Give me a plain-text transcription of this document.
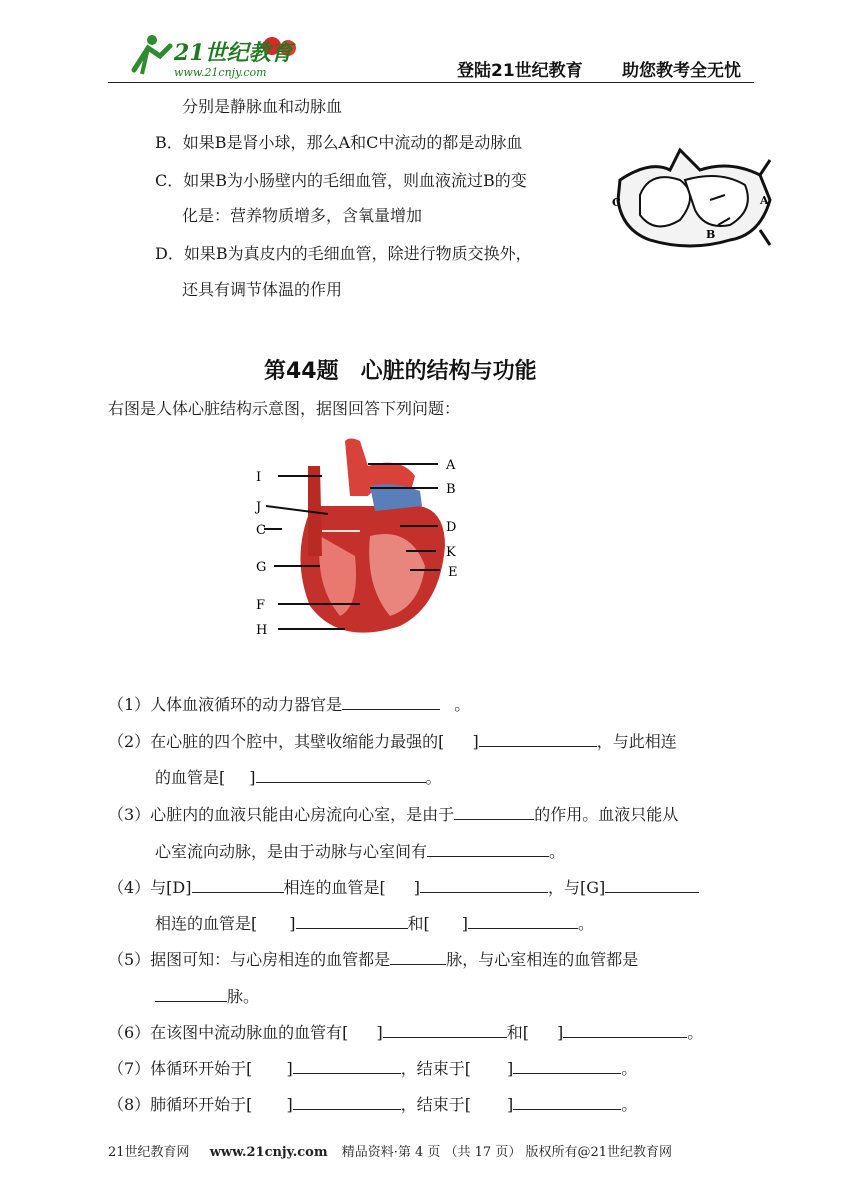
21世纪教育
www.21cnjy.com	登陆21世纪教育 助您教考全无忧
分别是静脉血和动脉血
B．如果B是肾小球，那么A和C中流动的都是动脉血
C．如果B为小肠壁内的毛细血管，则血液流过B的变
化是：营养物质增多，含氧量增加
D．如果B为真皮内的毛细血管，除进行物质交换外，
还具有调节体温的作用
C	A
B
第44题　心脏的结构与功能
右图是人体心脏结构示意图，据图回答下列问题：
I
J
C
G
F
H
A
B
D
K
E
（1）人体血液循环的动力器官是	。
（2）在心脏的四个腔中，其壁收缩能力最强的[ ]	，与此相连
的血管是[ ]	。
（3）心脏内的血液只能由心房流向心室，是由于	的作用。血液只能从
心室流向动脉，是由于动脉与心室间有	。
（4）与[D]	相连的血管是[ ]	，与[G]
相连的血管是[ ]	和[ ]	。
（5）据图可知：与心房相连的血管都是	脉，与心室相连的血管都是
脉。
（6）在该图中流动脉血的血管有[ ]	和[ ]	。
（7）体循环开始于[ ]	，结束于[ ]	。
（8）肺循环开始于[ ]	，结束于[ ]	。
21世纪教育网 www.21cnjy.com 精品资料·第 4 页 （共 17 页） 版权所有@21世纪教育网
